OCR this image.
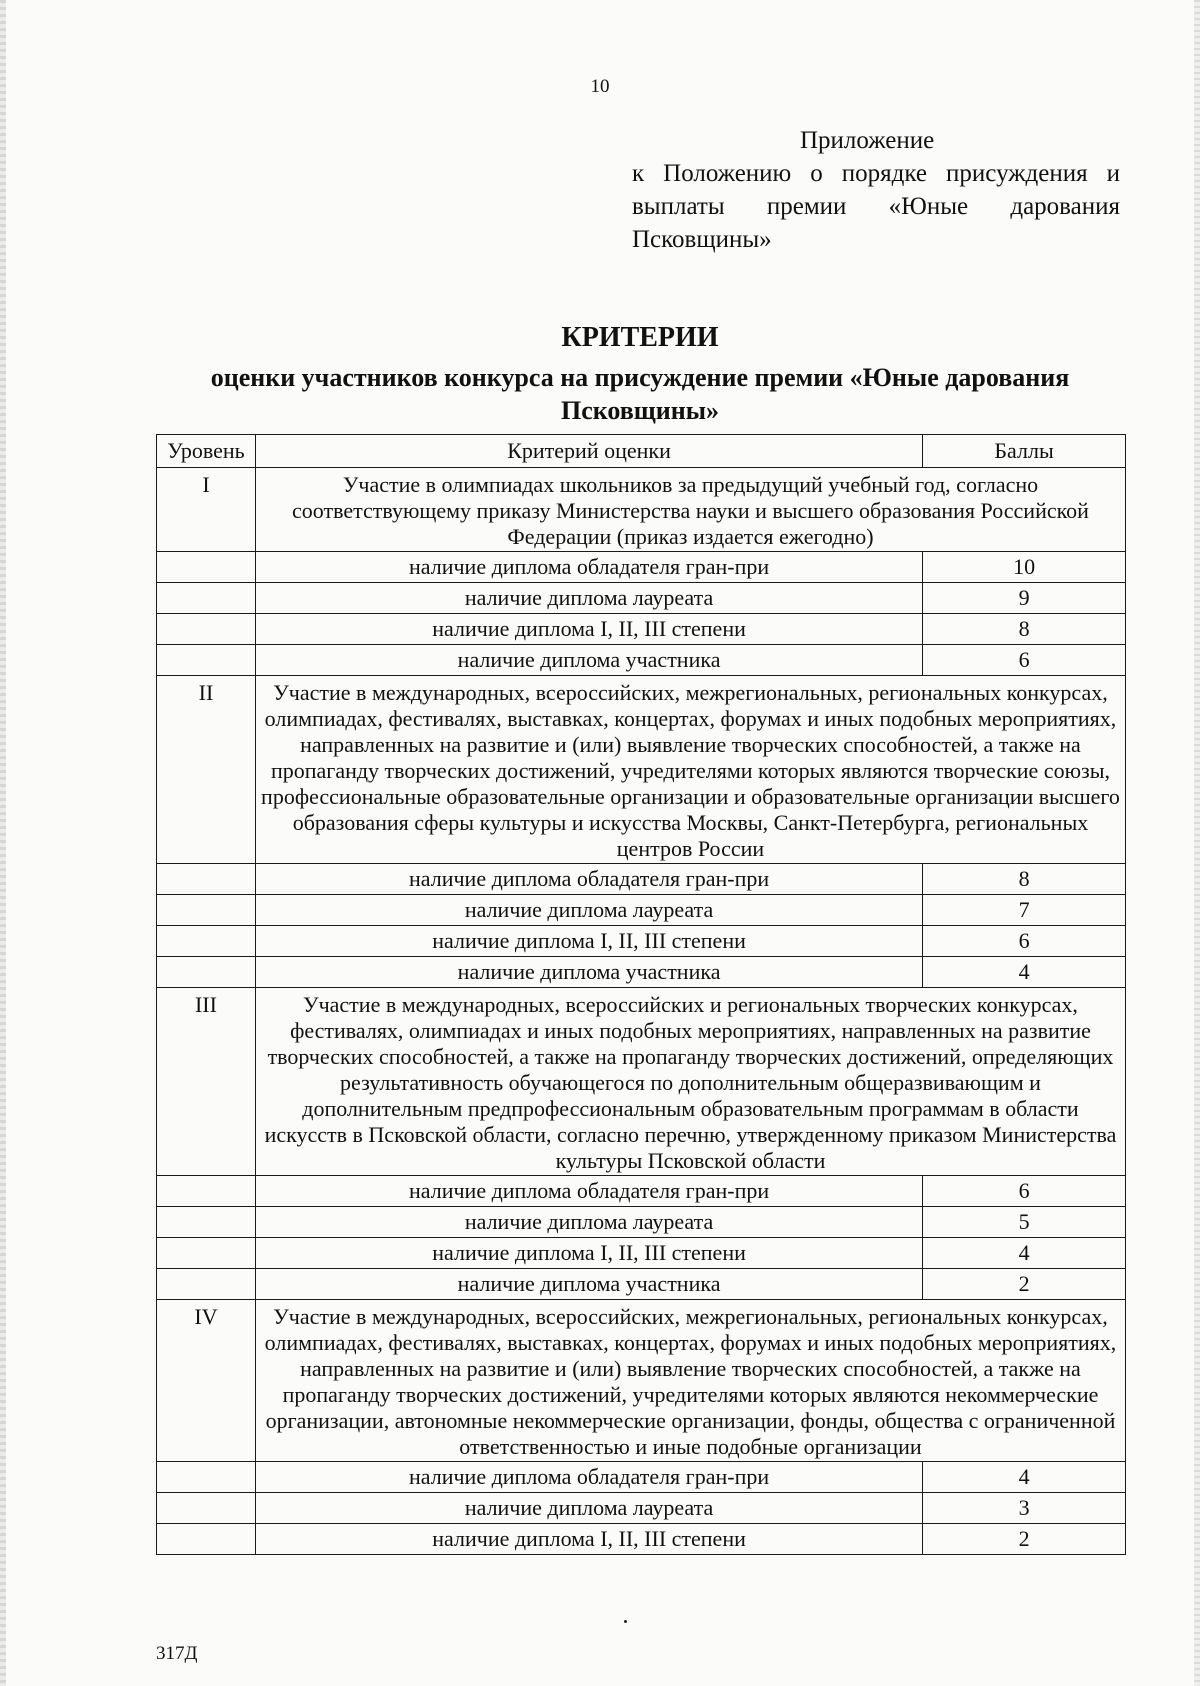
10
Приложение
к Положению о порядке присуждения и выплаты премии «Юные дарования Псковщины»
КРИТЕРИИ
оценки участников конкурса на присуждение премии «Юные дарования Псковщины»
Уровень	Критерий оценки	Баллы
I	Участие в олимпиадах школьников за предыдущий учебный год, согласно соответствующему приказу Министерства науки и высшего образования Российской Федерации (приказ издается ежегодно)	
	наличие диплома обладателя гран-при	10
	наличие диплома лауреата	9
	наличие диплома I, II, III степени	8
	наличие диплома участника	6
II	Участие в международных, всероссийских, межрегиональных, региональных конкурсах, олимпиадах, фестивалях, выставках, концертах, форумах и иных подобных мероприятиях, направленных на развитие и (или) выявление творческих способностей, а также на пропаганду творческих достижений, учредителями которых являются творческие союзы, профессиональные образовательные организации и образовательные организации высшего образования сферы культуры и искусства Москвы, Санкт-Петербурга, региональных центров России	
	наличие диплома обладателя гран-при	8
	наличие диплома лауреата	7
	наличие диплома I, II, III степени	6
	наличие диплома участника	4
III	Участие в международных, всероссийских и региональных творческих конкурсах, фестивалях, олимпиадах и иных подобных мероприятиях, направленных на развитие творческих способностей, а также на пропаганду творческих достижений, определяющих результативность обучающегося по дополнительным общеразвивающим и дополнительным предпрофессиональным образовательным программам в области искусств в Псковской области, согласно перечню, утвержденному приказом Министерства культуры Псковской области	
	наличие диплома обладателя гран-при	6
	наличие диплома лауреата	5
	наличие диплома I, II, III степени	4
	наличие диплома участника	2
IV	Участие в международных, всероссийских, межрегиональных, региональных конкурсах, олимпиадах, фестивалях, выставках, концертах, форумах и иных подобных мероприятиях, направленных на развитие и (или) выявление творческих способностей, а также на пропаганду творческих достижений, учредителями которых являются некоммерческие организации, автономные некоммерческие организации, фонды, общества с ограниченной ответственностью и иные подобные организации	
	наличие диплома обладателя гран-при	4
	наличие диплома лауреата	3
	наличие диплома I, II, III степени	2
317Д
